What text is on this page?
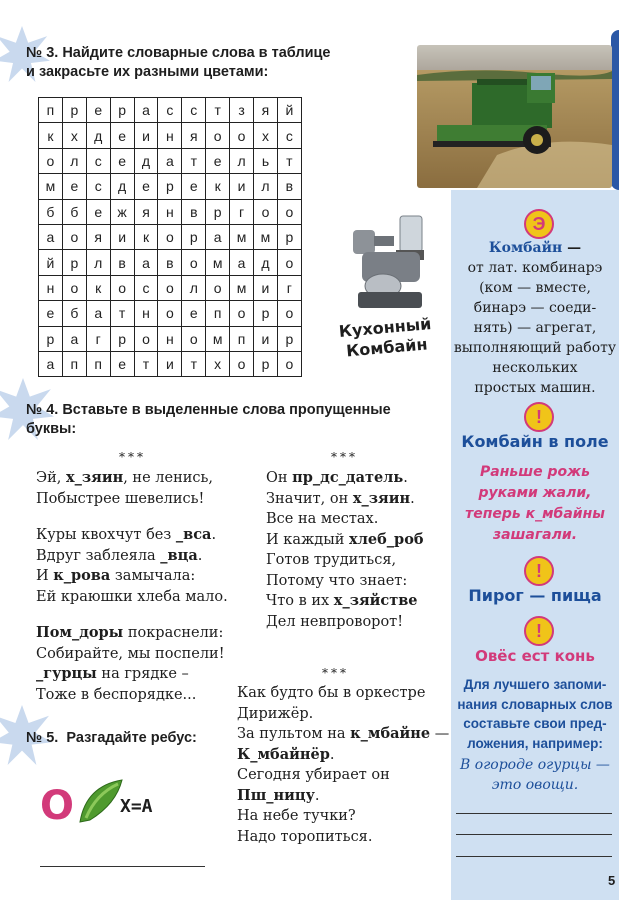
№ 3. Найдите словарные слова в таблице
и закрасьте их разными цветами:
п	р	е	р	а	с	с	т	з	я	й
к	х	д	е	и	н	я	о	о	х	с
о	л	с	е	д	а	т	е	л	ь	т
м	е	с	д	е	р	е	к	и	л	в
б	б	е	ж	я	н	в	р	г	о	о
а	о	я	и	к	о	р	а	м	м	р
й	р	л	в	а	в	о	м	а	д	о
н	о	к	о	с	о	л	о	м	и	г
е	б	а	т	н	о	е	п	о	р	о
р	а	г	р	о	н	о	м	п	и	р
а	п	п	е	т	и	т	х	о	р	о
Кухонный
Комбайн
№ 4. Вставьте в выделенные слова пропущенные
буквы:
***	***
***
Эй, х_зяин, не ленись,
Побыстрее шевелись!
Куры квохчут без _вса.
Вдруг заблеяла _вца.
И к_рова замычала:
Ей краюшки хлеба мало.
Пом_доры покраснели:
Собирайте, мы поспели!
_гурцы на грядке –
Тоже в беспорядке...
Он пр_дс_датель.
Значит, он х_зяин.
Все на местах.
И каждый хлеб_роб
Готов трудиться,
Потому что знает:
Что в их х_зяйстве
Дел невпроворот!
Как будто бы в оркестре
Дирижёр.
За пультом на к_мбайне —
К_мбайнёр.
Сегодня убирает он
Пш_ницу.
На небе тучки?
Надо торопиться.
№ 5. Разгадайте ребус:
О	Х=А
Э
Комбайн —
от лат. комбинарэ
(ком — вместе,
бинарэ — соеди-
нять) — агрегат,
выполняющий работу
нескольких
простых машин.
!
Комбайн в поле
Раньше рожь
руками жали,
теперь к_мбайны
зашагали.
!
Пирог — пища
!
Овёс ест конь
Для лучшего запоми-
нания словарных слов
составьте свои пред-
ложения, например:
В огороде огурцы —
это овощи.
5
